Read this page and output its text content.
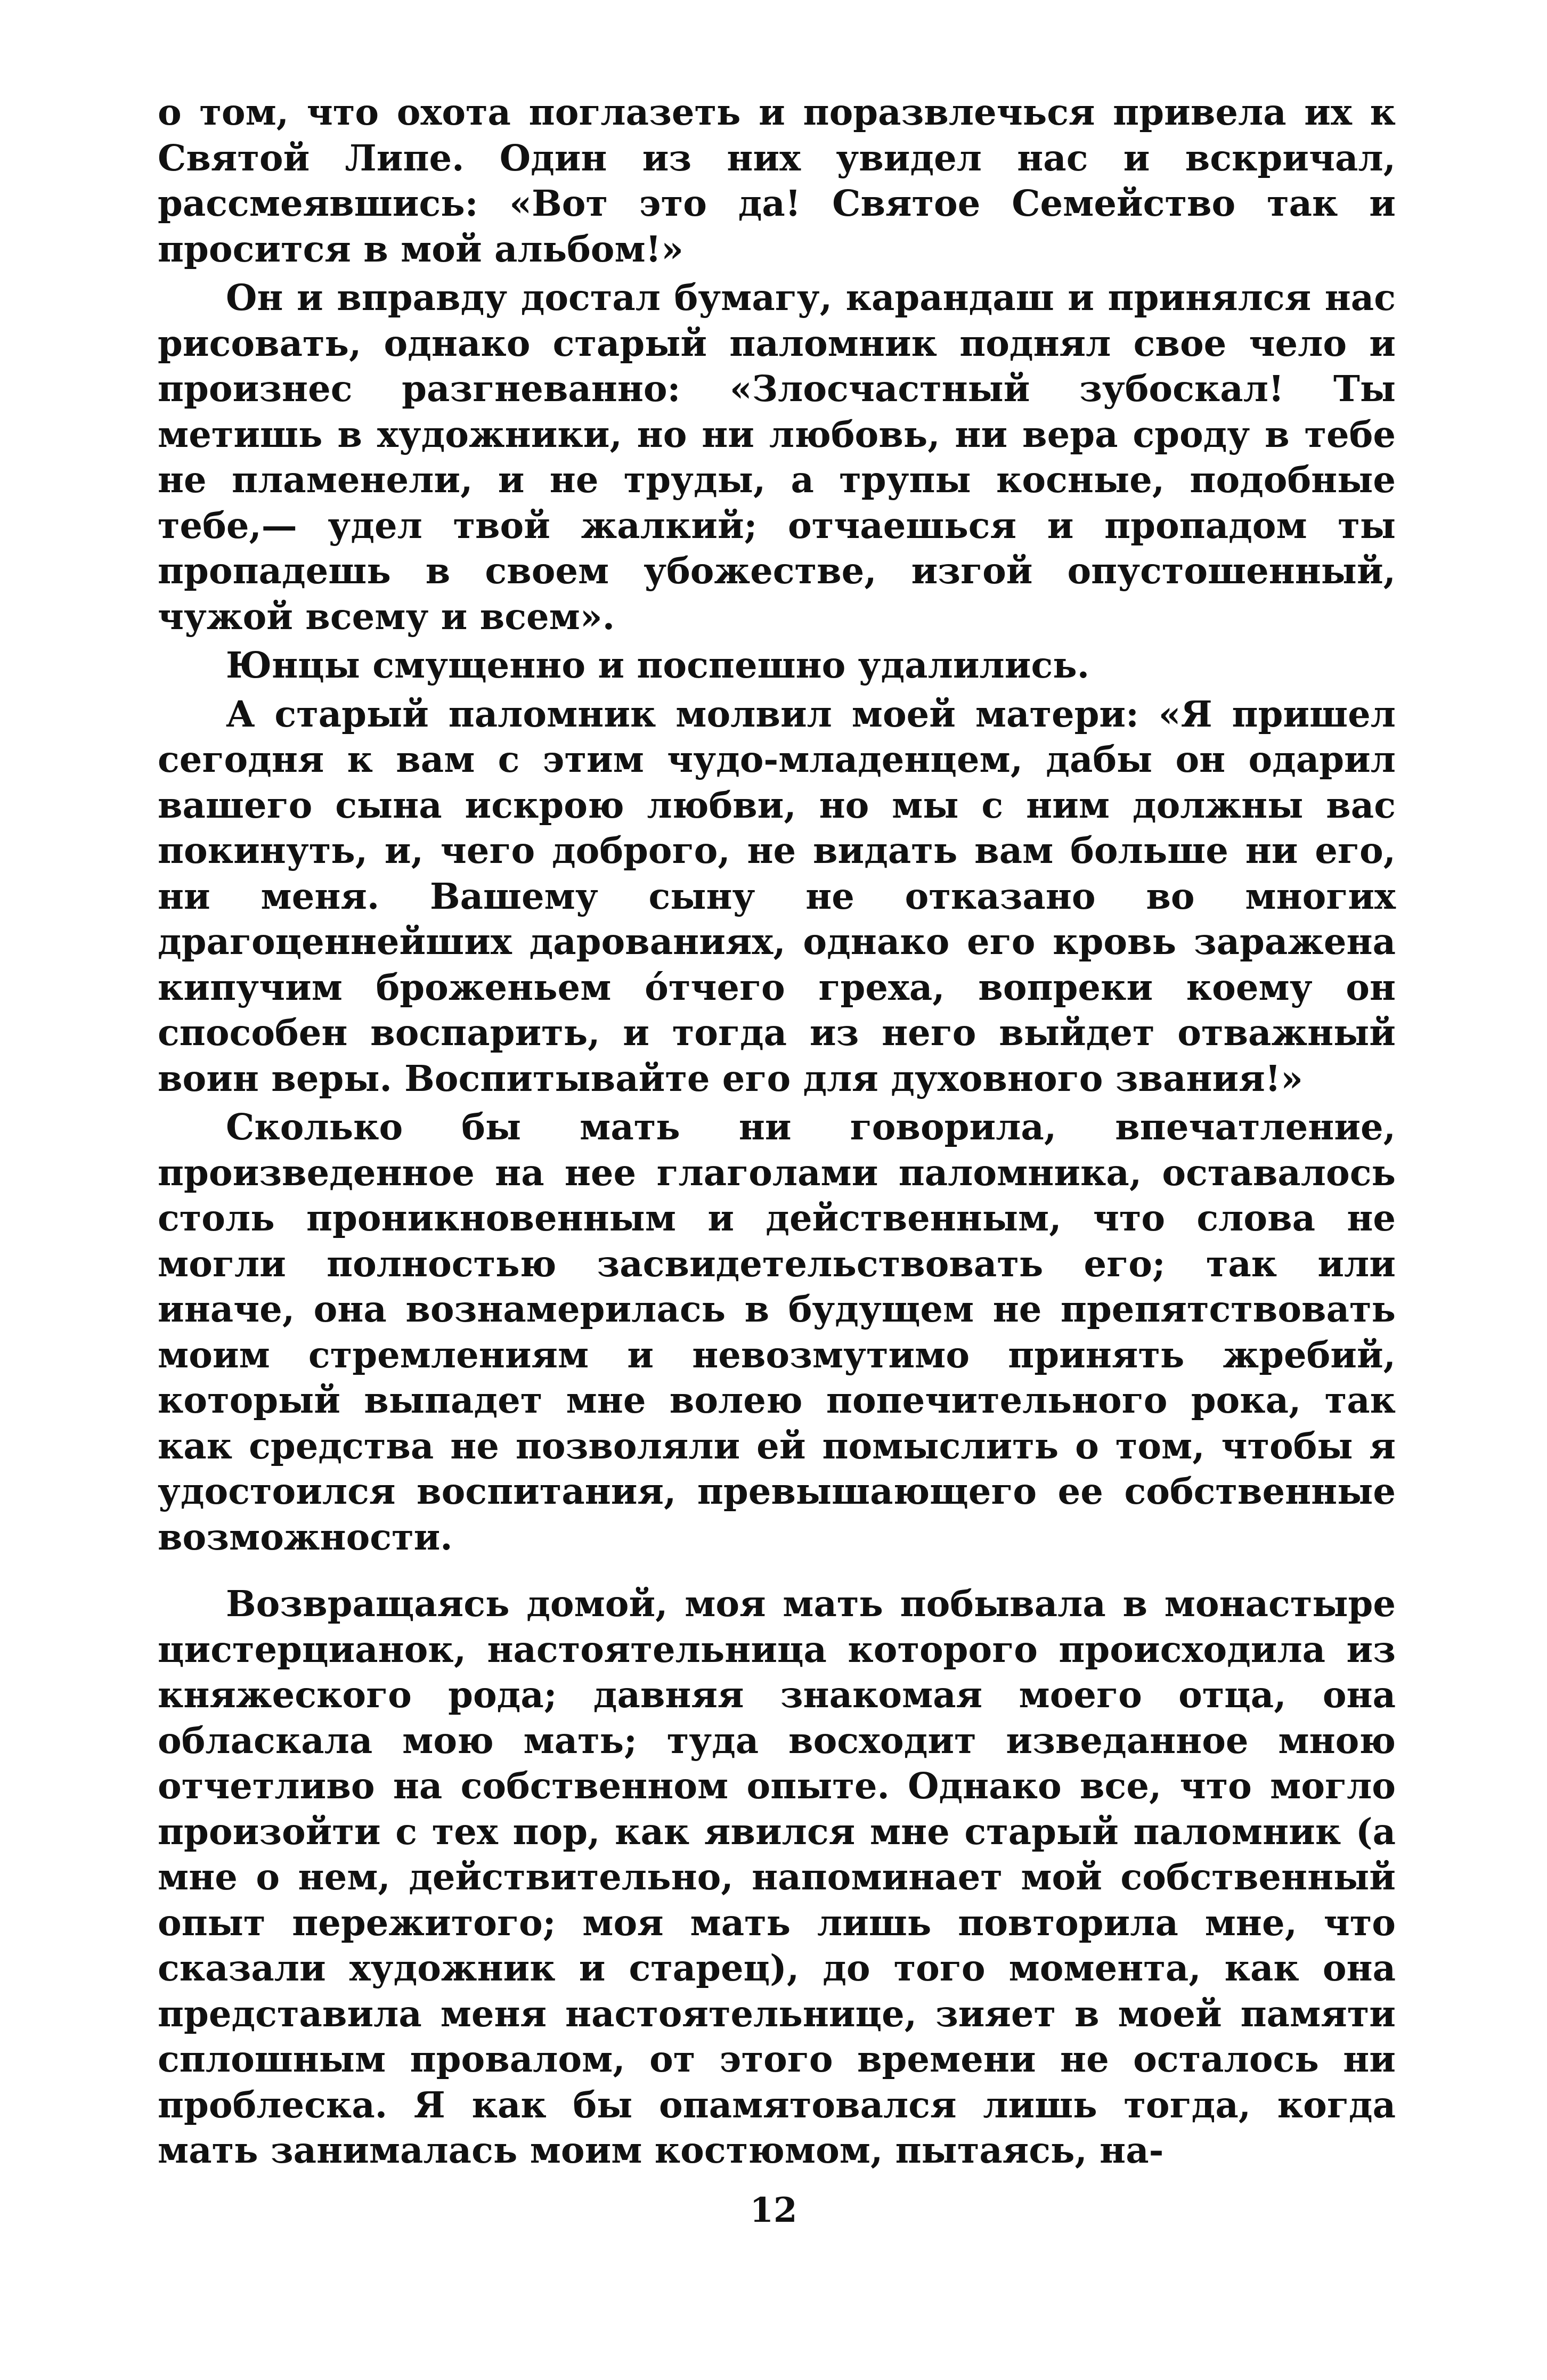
о том, что охота поглазеть и поразвлечься привела их к Святой Липе. Один из них увидел нас и вскричал, рассмеявшись: «Вот это да! Святое Семейство так и просится в мой альбом!»

Он и вправду достал бумагу, карандаш и принялся нас рисовать, однако старый паломник поднял свое чело и произнес разгневанно: «Злосчастный зубоскал! Ты метишь в художники, но ни любовь, ни вера сроду в тебе не пламенели, и не труды, а трупы косные, подобные тебе,— удел твой жалкий; отчаешься и пропадом ты пропадешь в своем убожестве, изгой опустошенный, чужой всему и всем».

Юнцы смущенно и поспешно удалились.

А старый паломник молвил моей матери: «Я пришел сегодня к вам с этим чудо-младенцем, дабы он одарил вашего сына искрою любви, но мы с ним должны вас покинуть, и, чего доброго, не видать вам больше ни его, ни меня. Вашему сыну не отказано во многих драгоценнейших дарованиях, однако его кровь заражена кипучим броженьем о́тчего греха, вопреки коему он способен воспарить, и тогда из него выйдет отважный воин веры. Воспитывайте его для духовного звания!»

Сколько бы мать ни говорила, впечатление, произведенное на нее глаголами паломника, оставалось столь проникновенным и действенным, что слова не могли полностью засвидетельствовать его; так или иначе, она вознамерилась в будущем не препятствовать моим стремлениям и невозмутимо принять жребий, который выпадет мне волею попечительного рока, так как средства не позволяли ей помыслить о том, чтобы я удостоился воспитания, превышающего ее собственные возможности.

Возвращаясь домой, моя мать побывала в монастыре цистерцианок, настоятельница которого происходила из княжеского рода; давняя знакомая моего отца, она обласкала мою мать; туда восходит изведанное мною отчетливо на собственном опыте. Однако все, что могло произойти с тех пор, как явился мне старый паломник (а мне о нем, действительно, напоминает мой собственный опыт пережитого; моя мать лишь повторила мне, что сказали художник и старец), до того момента, как она представила меня настоятельнице, зияет в моей памяти сплошным провалом, от этого времени не осталось ни проблеска. Я как бы опамятовался лишь тогда, когда мать занималась моим костюмом, пытаясь, на-

12
